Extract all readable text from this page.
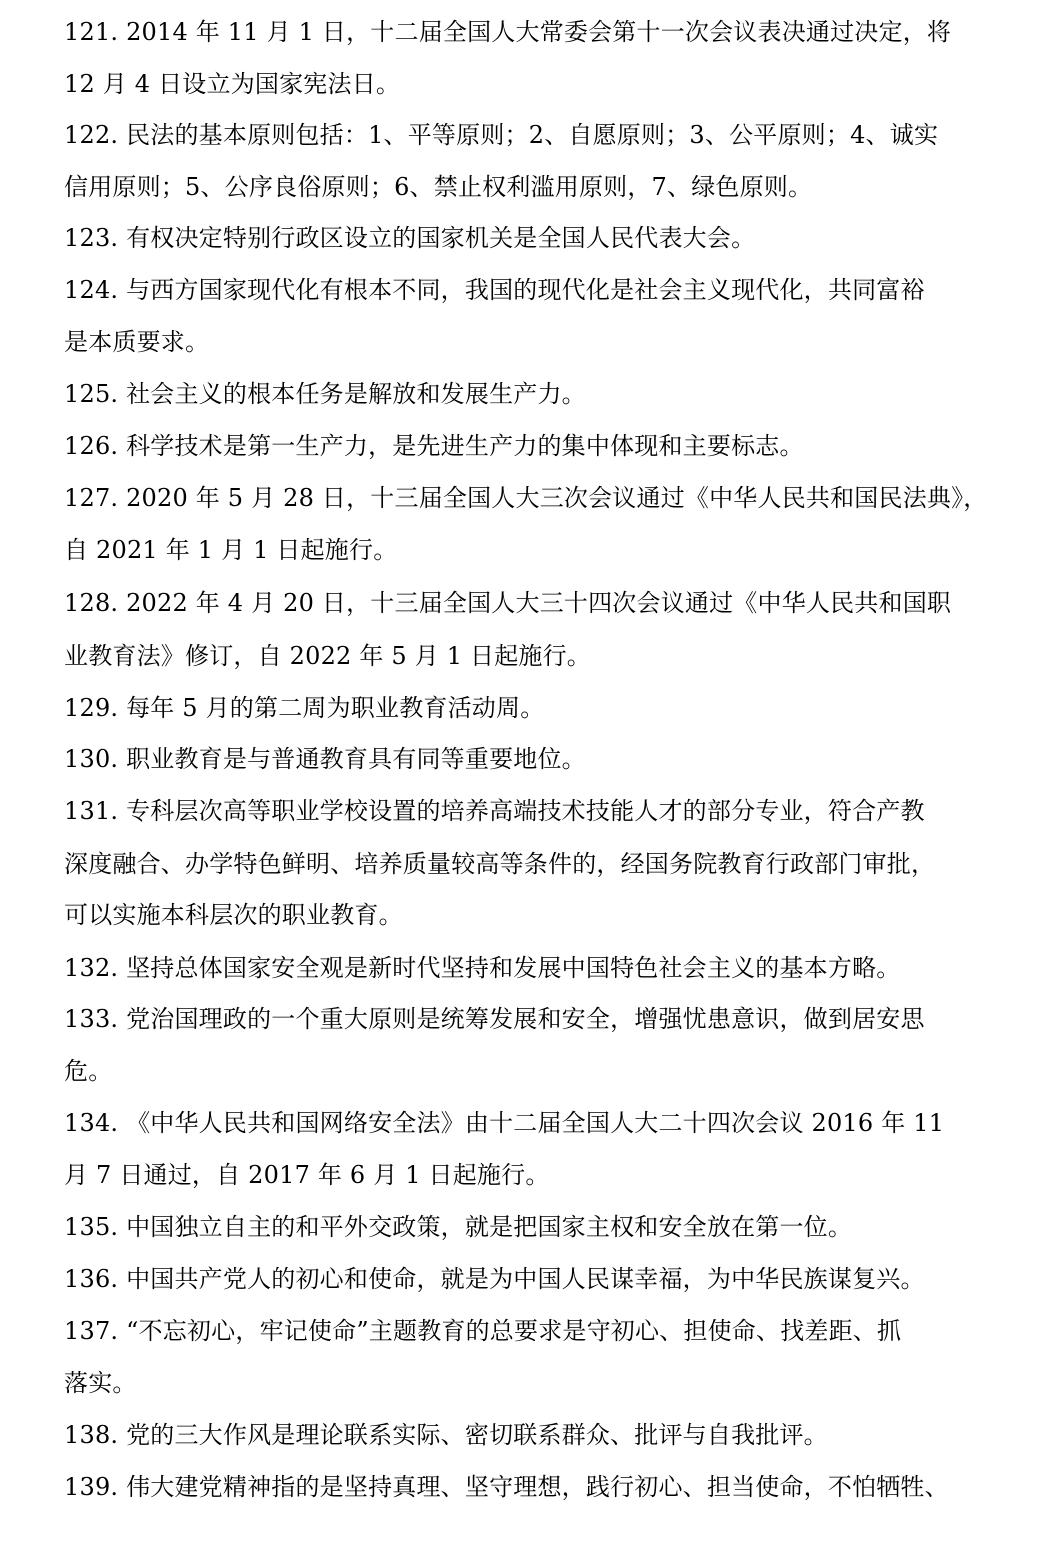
121. 2014 年 11 月 1 日，十二届全国人大常委会第十一次会议表决通过决定，将
12 月 4 日设立为国家宪法日。
122. 民法的基本原则包括：1、平等原则；2、自愿原则；3、公平原则；4、诚实
信用原则；5、公序良俗原则；6、禁止权利滥用原则，7、绿色原则。
123. 有权决定特别行政区设立的国家机关是全国人民代表大会。
124. 与西方国家现代化有根本不同，我国的现代化是社会主义现代化，共同富裕
是本质要求。
125. 社会主义的根本任务是解放和发展生产力。
126. 科学技术是第一生产力，是先进生产力的集中体现和主要标志。
127. 2020 年 5 月 28 日，十三届全国人大三次会议通过《中华人民共和国民法典》，
自 2021 年 1 月 1 日起施行。
128. 2022 年 4 月 20 日，十三届全国人大三十四次会议通过《中华人民共和国职
业教育法》修订，自 2022 年 5 月 1 日起施行。
129. 每年 5 月的第二周为职业教育活动周。
130. 职业教育是与普通教育具有同等重要地位。
131. 专科层次高等职业学校设置的培养高端技术技能人才的部分专业，符合产教
深度融合、办学特色鲜明、培养质量较高等条件的，经国务院教育行政部门审批，
可以实施本科层次的职业教育。
132. 坚持总体国家安全观是新时代坚持和发展中国特色社会主义的基本方略。
133. 党治国理政的一个重大原则是统筹发展和安全，增强忧患意识，做到居安思
危。
134. 《中华人民共和国网络安全法》由十二届全国人大二十四次会议 2016 年 11
月 7 日通过，自 2017 年 6 月 1 日起施行。
135. 中国独立自主的和平外交政策，就是把国家主权和安全放在第一位。
136. 中国共产党人的初心和使命，就是为中国人民谋幸福，为中华民族谋复兴。
137. “不忘初心，牢记使命”主题教育的总要求是守初心、担使命、找差距、抓
落实。
138. 党的三大作风是理论联系实际、密切联系群众、批评与自我批评。
139. 伟大建党精神指的是坚持真理、坚守理想，践行初心、担当使命，不怕牺牲、
